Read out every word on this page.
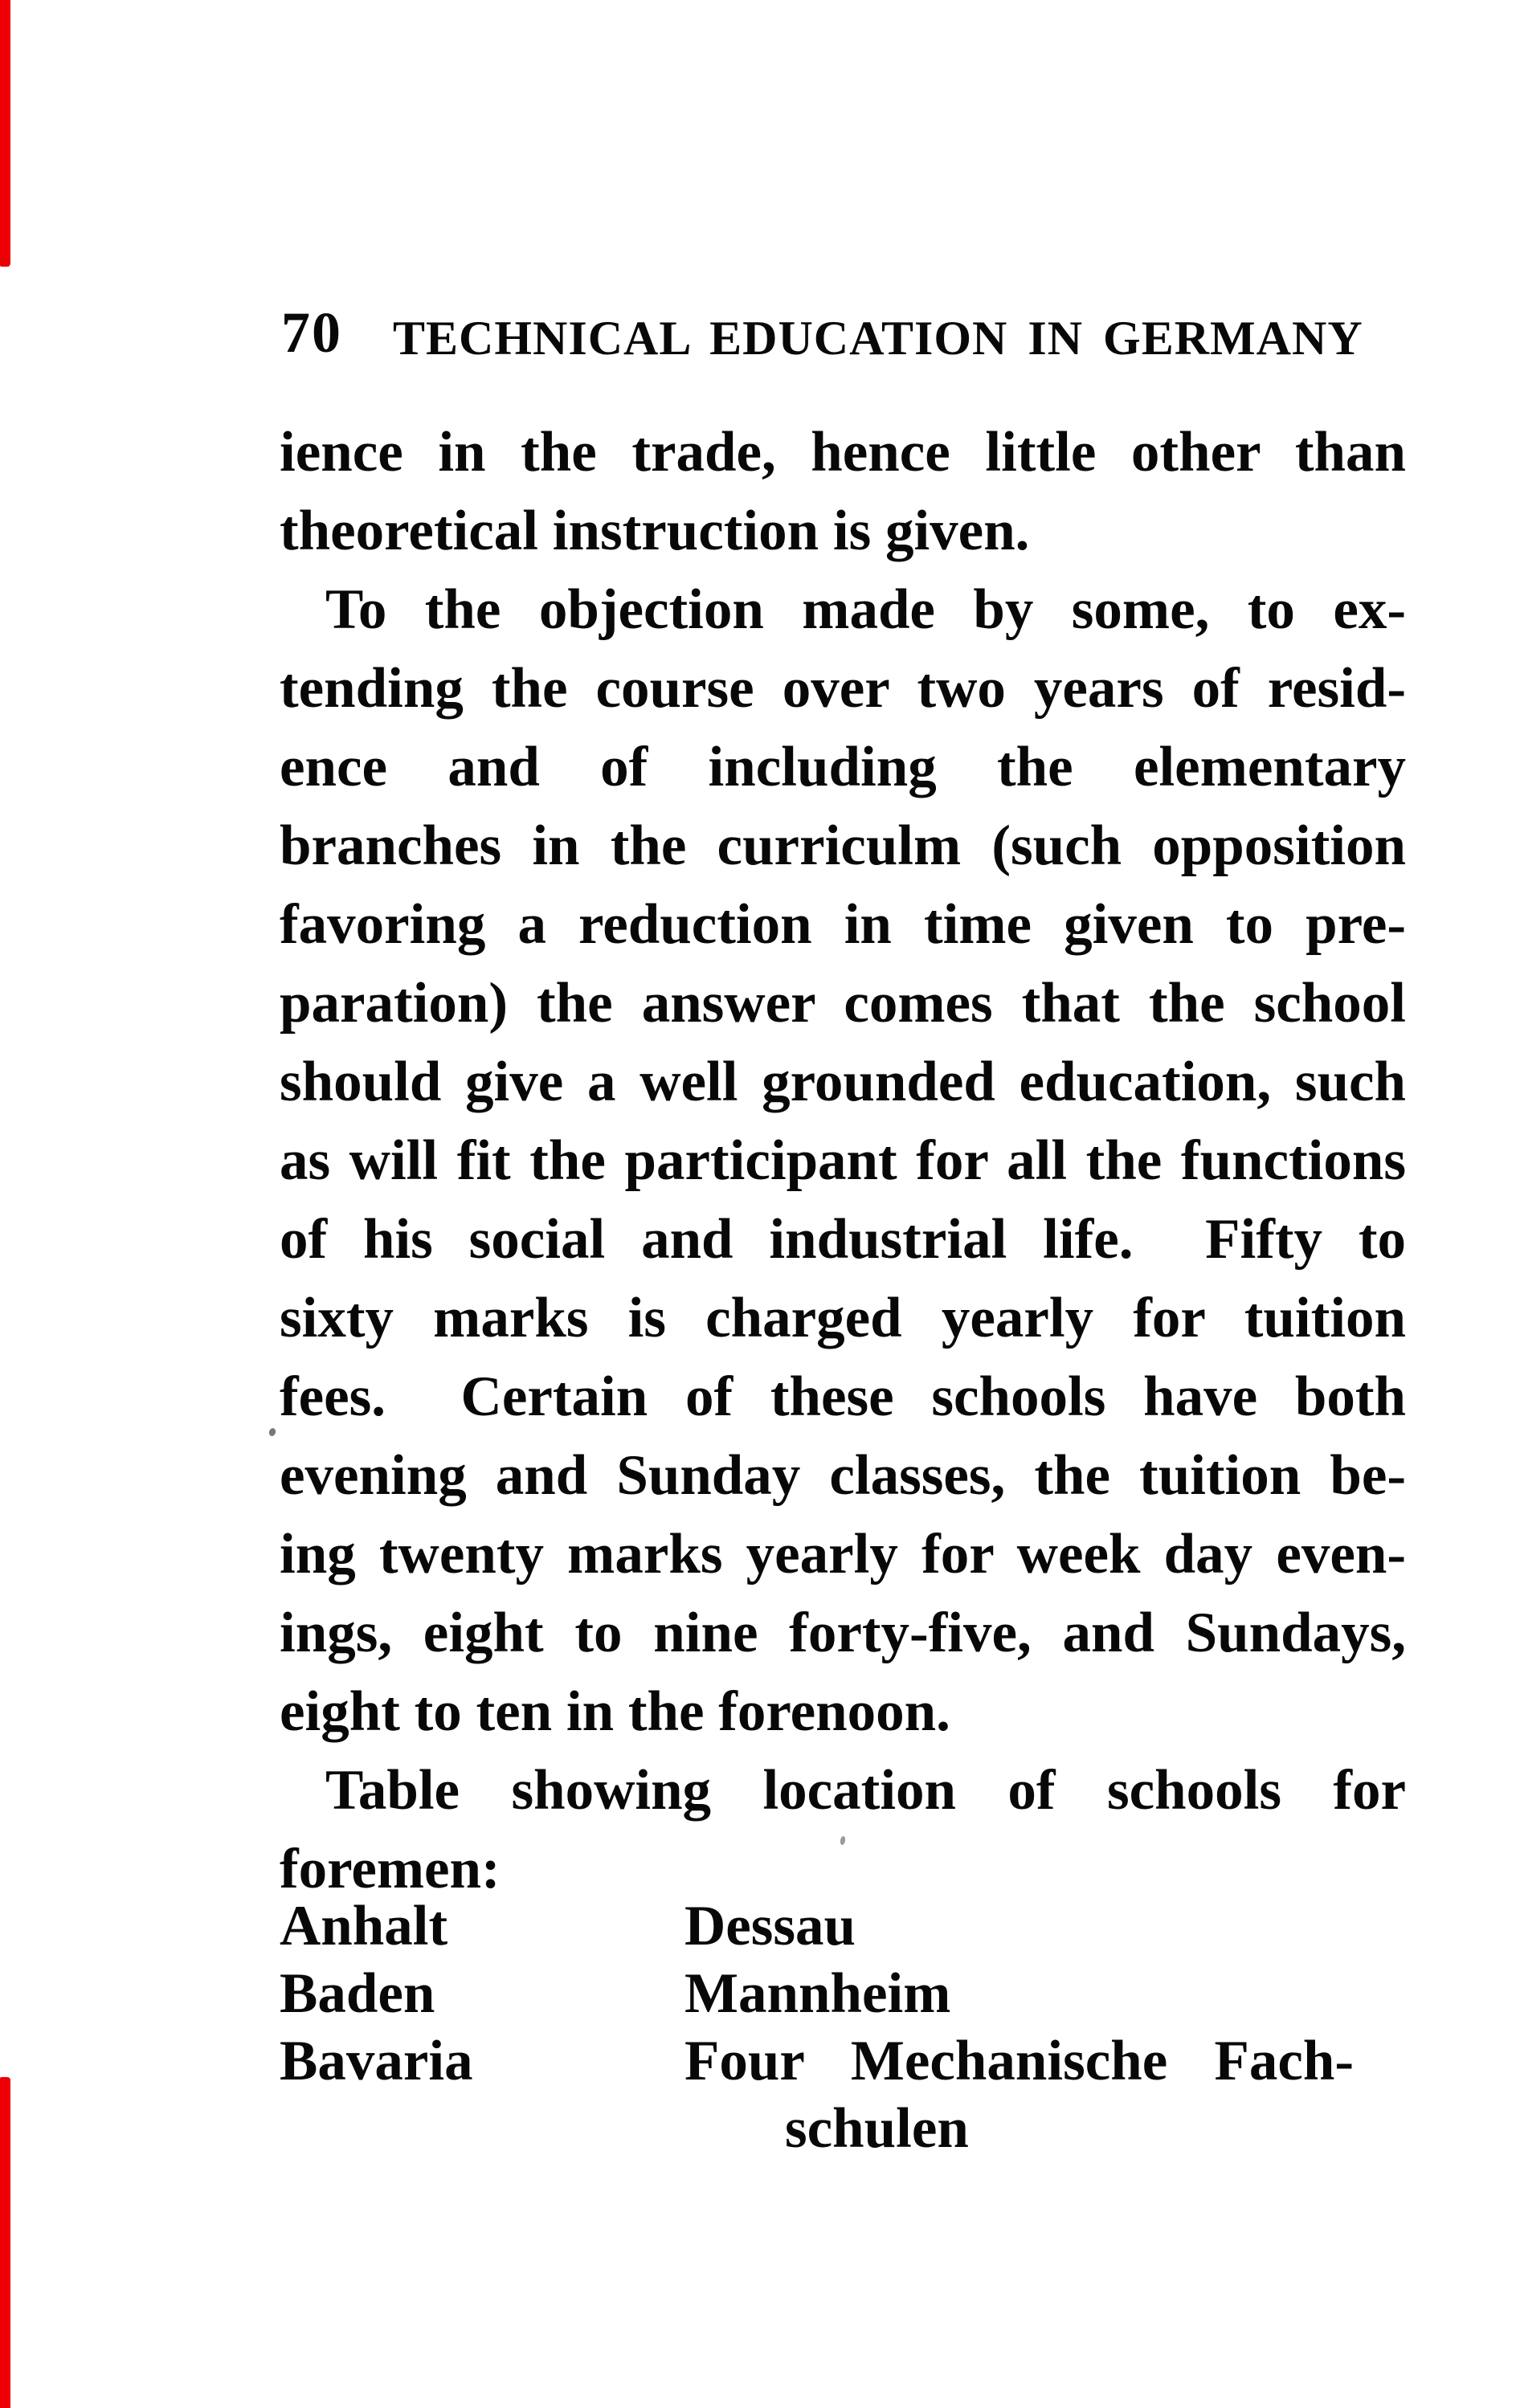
70 TECHNICAL EDUCATION IN GERMANY
ience in the trade, hence little other than
theoretical instruction is given.
To the objection made by some, to ex-
tending the course over two years of resid-
ence and of including the elementary
branches in the curriculm (such opposition
favoring a reduction in time given to pre-
paration) the answer comes that the school
should give a well grounded education, such
as will fit the participant for all the functions
of his social and industrial life.  Fifty to
sixty marks is charged yearly for tuition
fees.  Certain of these schools have both
evening and Sunday classes, the tuition be-
ing twenty marks yearly for week day even-
ings, eight to nine forty-five, and Sundays,
eight to ten in the forenoon.
Table showing location of schools for
foremen:
Anhalt	Dessau
Baden	Mannheim
Bavaria	Four Mechanische Fach-
schulen
